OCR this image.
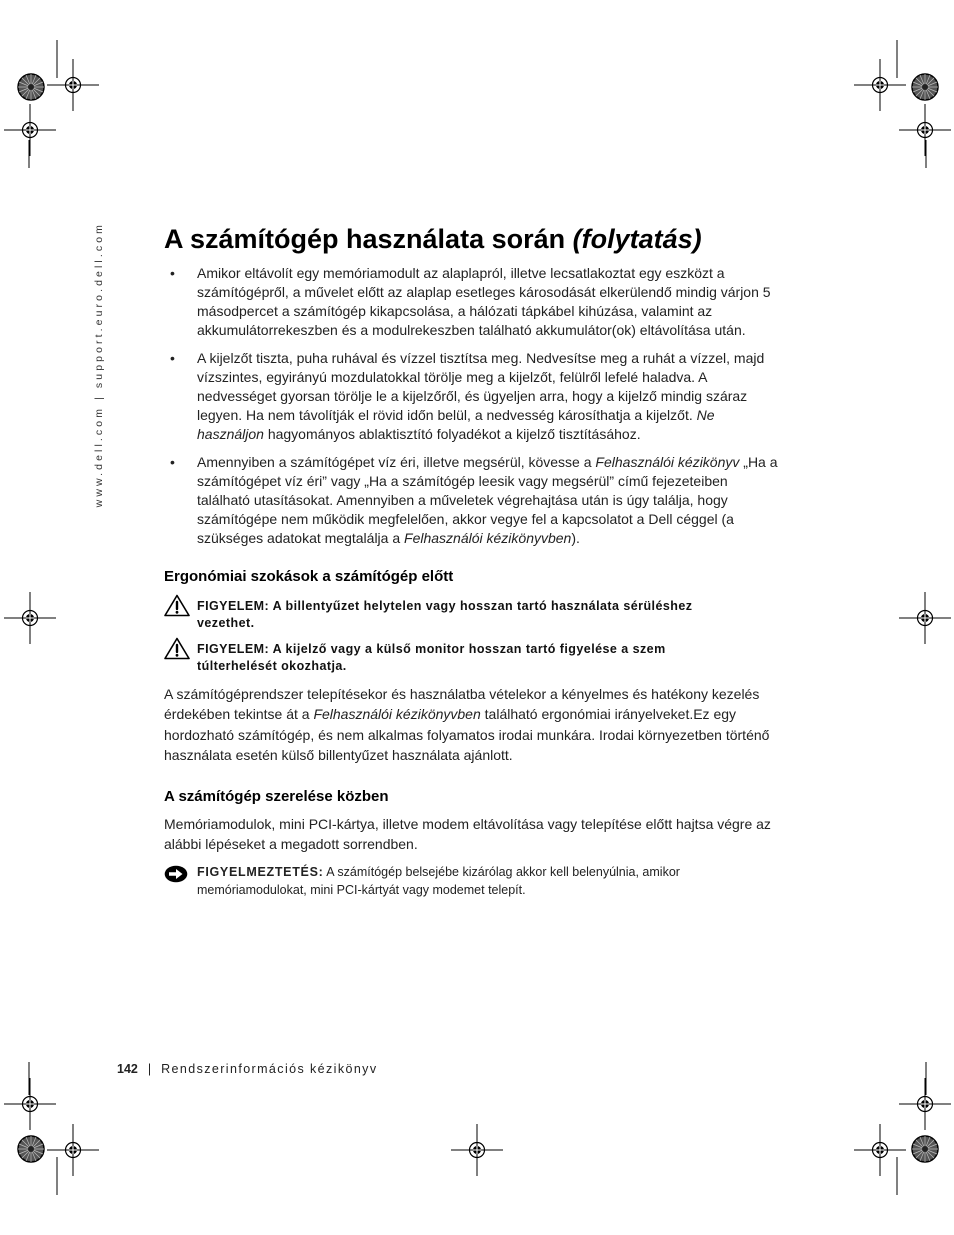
www.dell.com | support.euro.dell.com A számítógép használata során (folytatás)
• Amikor eltávolít egy memóriamodult az alaplapról, illetve lecsatlakoztat egy eszközt a számítógépről, a művelet előtt az alaplap esetleges károsodását elkerülendő mindig várjon 5 másodpercet a számítógép kikapcsolása, a hálózati tápkábel kihúzása, valamint az akkumulátorrekeszben és a modulrekeszben található akkumulátor(ok) eltávolítása után.
• A kijelzőt tiszta, puha ruhával és vízzel tisztítsa meg. Nedvesítse meg a ruhát a vízzel, majd vízszintes, egyirányú mozdulatokkal törölje meg a kijelzőt, felülről lefelé haladva. A nedvességet gyorsan törölje le a kijelzőről, és ügyeljen arra, hogy a kijelző mindig száraz legyen. Ha nem távolítják el rövid időn belül, a nedvesség károsíthatja a kijelzőt. Ne használjon hagyományos ablaktisztító folyadékot a kijelző tisztításához.
• Amennyiben a számítógépet víz éri, illetve megsérül, kövesse a Felhasználói kézikönyv „Ha a számítógépet víz éri” vagy „Ha a számítógép leesik vagy megsérül” című fejezeteiben található utasításokat. Amennyiben a műveletek végrehajtása után is úgy találja, hogy számítógépe nem működik megfelelően, akkor vegye fel a kapcsolatot a Dell céggel (a szükséges adatokat megtalálja a Felhasználói kézikönyvben).
Ergonómiai szokások a számítógép előtt
FIGYELEM: A billentyűzet helytelen vagy hosszan tartó használata sérüléshez
vezethet.
FIGYELEM: A kijelző vagy a külső monitor hosszan tartó figyelése a szem
túlterhelését okozhatja.

A számítógéprendszer telepítésekor és használatba vételekor a kényelmes és hatékony kezelés érdekében tekintse át a Felhasználói kézikönyvben található ergonómiai irányelveket.Ez egy hordozható számítógép, és nem alkalmas folyamatos irodai munkára. Irodai környezetben történő használata esetén külső billentyűzet használata ajánlott.

A számítógép szerelése közben

Memóriamodulok, mini PCI-kártya, illetve modem eltávolítása vagy telepítése előtt hajtsa végre az alábbi lépéseket a megadott sorrendben.

FIGYELMEZTETÉS: A számítógép belsejébe kizárólag akkor kell belenyúlnia, amikor memóriamodulokat, mini PCI-kártyát vagy modemet telepít.
142 | Rendszerinformációs kézikönyv
